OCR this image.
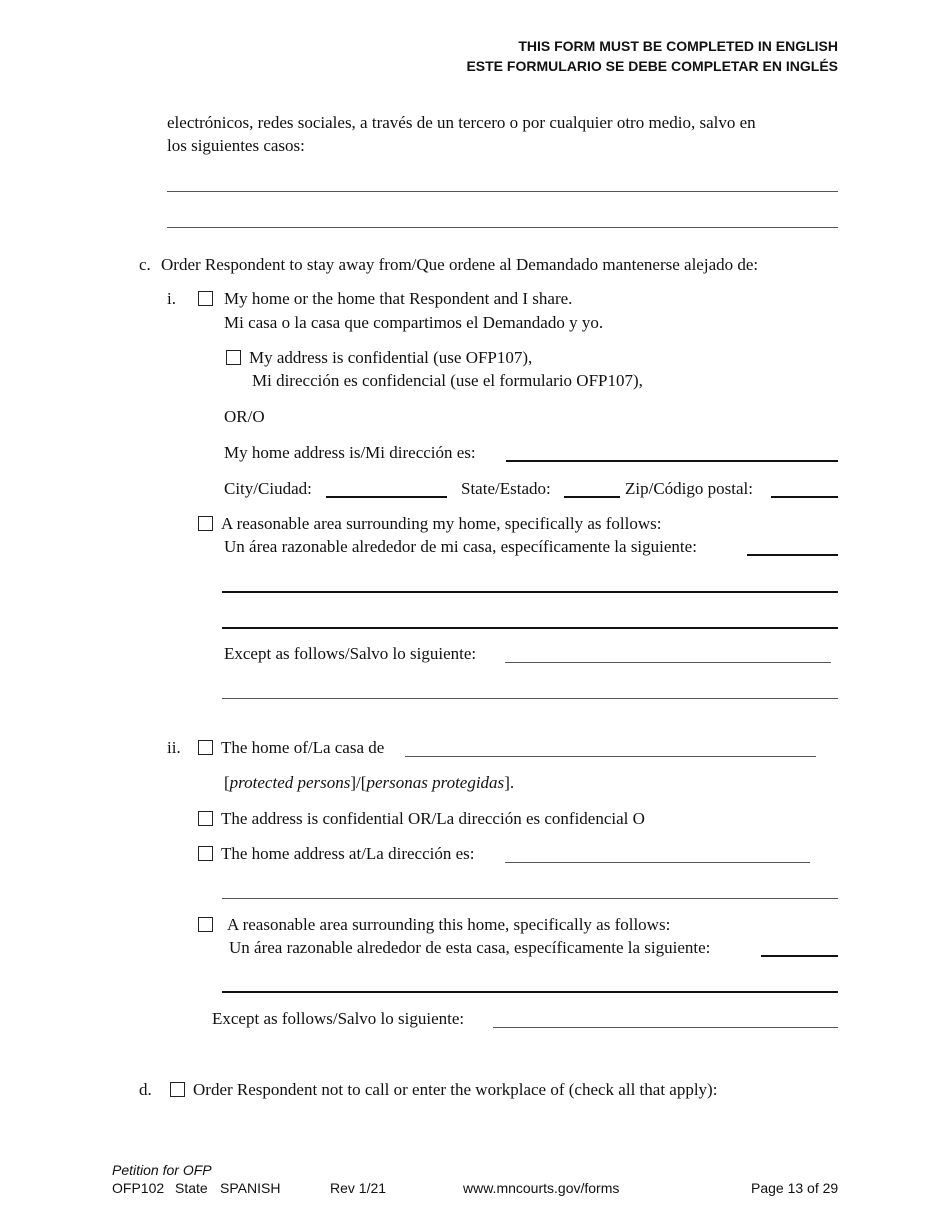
THIS FORM MUST BE COMPLETED IN ENGLISH
ESTE FORMULARIO SE DEBE COMPLETAR EN INGLÉS
electrónicos, redes sociales, a través de un tercero o por cualquier otro medio, salvo en
los siguientes casos:
c. Order Respondent to stay away from/Que ordene al Demandado mantenerse alejado de:
i.	My home or the home that Respondent and I share.
Mi casa o la casa que compartimos el Demandado y yo.
My address is confidential (use OFP107),
Mi dirección es confidencial (use el formulario OFP107),
OR/O
My home address is/Mi dirección es:
City/Ciudad:	State/Estado:	Zip/Código postal:
A reasonable area surrounding my home, specifically as follows:
Un área razonable alrededor de mi casa, específicamente la siguiente:
Except as follows/Salvo lo siguiente:
ii. The home of/La casa de
[protected persons]/[personas protegidas].
The address is confidential OR/La dirección es confidencial O
The home address at/La dirección es:
A reasonable area surrounding this home, specifically as follows:
Un área razonable alrededor de esta casa, específicamente la siguiente:
Except as follows/Salvo lo siguiente:
d. Order Respondent not to call or enter the workplace of (check all that apply):
Petition for OFP
OFP102 State SPANISH	Rev 1/21	www.mncourts.gov/forms	Page 13 of 29
